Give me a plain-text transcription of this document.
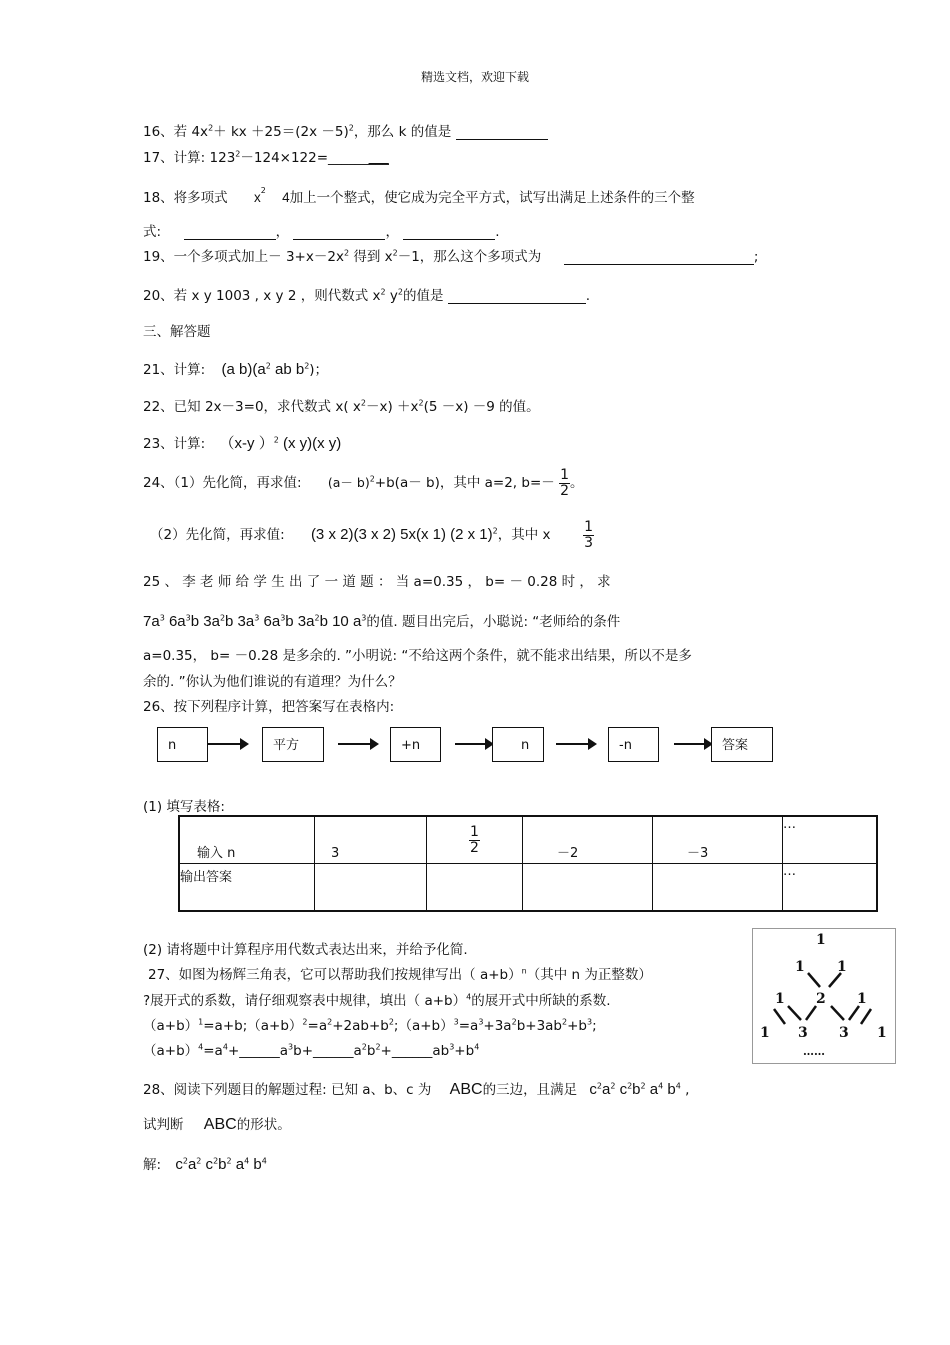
精选文档，欢迎下载
16、若 $4x^2+$ kx $+25=(2x -5)^2$，那么 k 的值是
17、计算: $123^2-124\times 122=\_\_\_\_\_\_\_\_\_$
18、将多项式 $x^2$ 4加上一个整式，使它成为完全平方式，试写出满足上述条件的三个整
式:	，	，	.
19、一个多项式加上－ $3+x-2x^2$ 得到 $x^2-1$，那么这个多项式为	;
20、若 x y 1003 , x y 2 ，则代数式 $x^2$ $y^2$的值是	.
三、解答题
21、计算: (a $b)(a^2$ ab $b^2$)；
22、已知 2x－3=0，求代数式 x( $x^2-x) +x^2(5 -x) -9$ 的值。
23、计算: （x-y ）$^2$ (x y)(x y)
24、（1）先化简，再求值: $(a- b)^2+b(a- b)$，其中 a=2, $b=- \frac{1}{2}$ 。
（2）先化简，再求值: (3 x 2)(3 x 2) 5x(x 1) (2 x 1)$^2$，其中 x $\frac{1}{3}$
25 、 李 老 师 给 学 生 出 了 一 道 题 ： 当 a=0.35 ， b= － 0.28 时 ， 求
$7a^3$ $6a^3b$ $3a^2b$ $3a^3$ $6a^3b$ $3a^2b$ 10 $a^3$的值. 题目出完后，小聪说: “老师给的条件
a=0.35， b= －0.28 是多余的. ”小明说: “不给这两个条件，就不能求出结果，所以不是多
余的. ”你认为他们谁说的有道理？为什么？
26、按下列程序计算，把答案写在表格内:
n	平方	+n	n	-n	答案
(1) 填写表格:
输入 n	3	$\frac{1}{2}$	－2	－3	…
输出答案					…
(2) 请将题中计算程序用代数式表达出来，并给予化简.
27、如图为杨辉三角表，它可以帮助我们按规律写出（ a+b）$^n$（其中 n 为正整数）
?展开式的系数，请仔细观察表中规律，填出（ a+b）$^4$的展开式中所缺的系数.
$(a+b)^1=a+b;(a+b)^2=a^2+2ab+b^2;(a+b)^3=a^3+3a^2b+3ab^2+b^3$;
$(a+b)^4=a^4+\_\_\_\_\_\_a^3b+\_\_\_\_\_\_a^2b^2+\_\_\_\_\_\_ab^3+b^4$
1
1 1
1 2 1
1 3 3 1
……
28、阅读下列题目的解题过程: 已知 a、b、c 为 ABC的三边，且满足 $c^2a^2$ $c^2b^2$ $a^4$ $b^4$ ,
试判断 ABC的形状。
解: $c^2a^2$ $c^2b^2$ $a^4$ $b^4$
